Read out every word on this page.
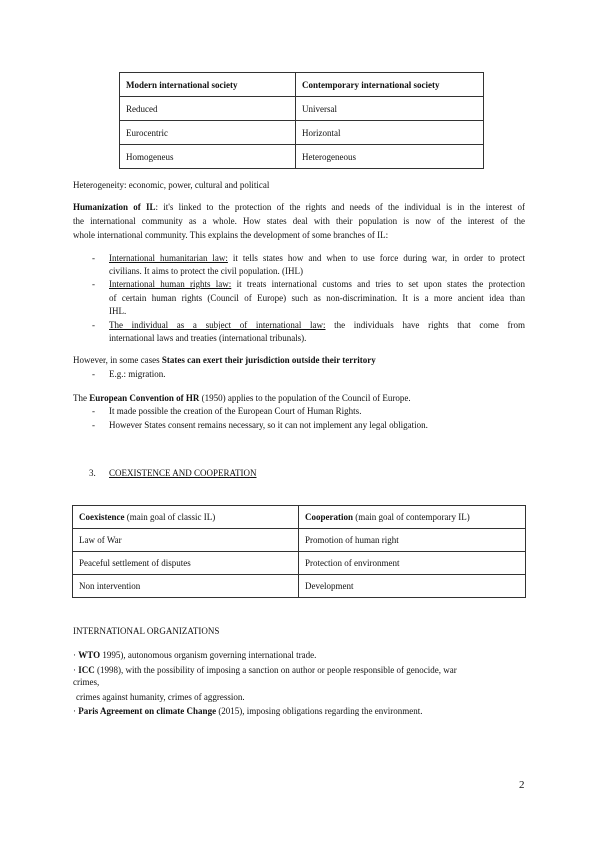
Modern international society	Contemporary international society
Reduced	Universal
Eurocentric	Horizontal
Homogeneus	Heterogeneous
Heterogeneity: economic, power, cultural and political
Humanization of IL: it's linked to the protection of the rights and needs of the individual is in the interest of
the international community as a whole. How states deal with their population is now of the interest of the
whole international community. This explains the development of some branches of IL:
- International humanitarian law: it tells states how and when to use force during war, in order to protect
civilians. It aims to protect the civil population. (IHL)
- International human rights law: it treats international customs and tries to set upon states the protection
of certain human rights (Council of Europe) such as non-discrimination. It is a more ancient idea than
IHL.
- The individual as a subject of international law: the individuals have rights that come from
international laws and treaties (international tribunals).
However, in some cases States can exert their jurisdiction outside their territory
- E.g.: migration.
The European Convention of HR (1950) applies to the population of the Council of Europe.
- It made possible the creation of the European Court of Human Rights.
- However States consent remains necessary, so it can not implement any legal obligation.
3. COEXISTENCE AND COOPERATION
Coexistence (main goal of classic IL)	Cooperation (main goal of contemporary IL)
Law of War	Promotion of human right
Peaceful settlement of disputes	Protection of environment
Non intervention	Development
INTERNATIONAL ORGANIZATIONS
· WTO 1995), autonomous organism governing international trade.
· ICC (1998), with the possibility of imposing a sanction on author or people responsible of genocide, war
crimes,
crimes against humanity, crimes of aggression.
· Paris Agreement on climate Change (2015), imposing obligations regarding the environment.
2
